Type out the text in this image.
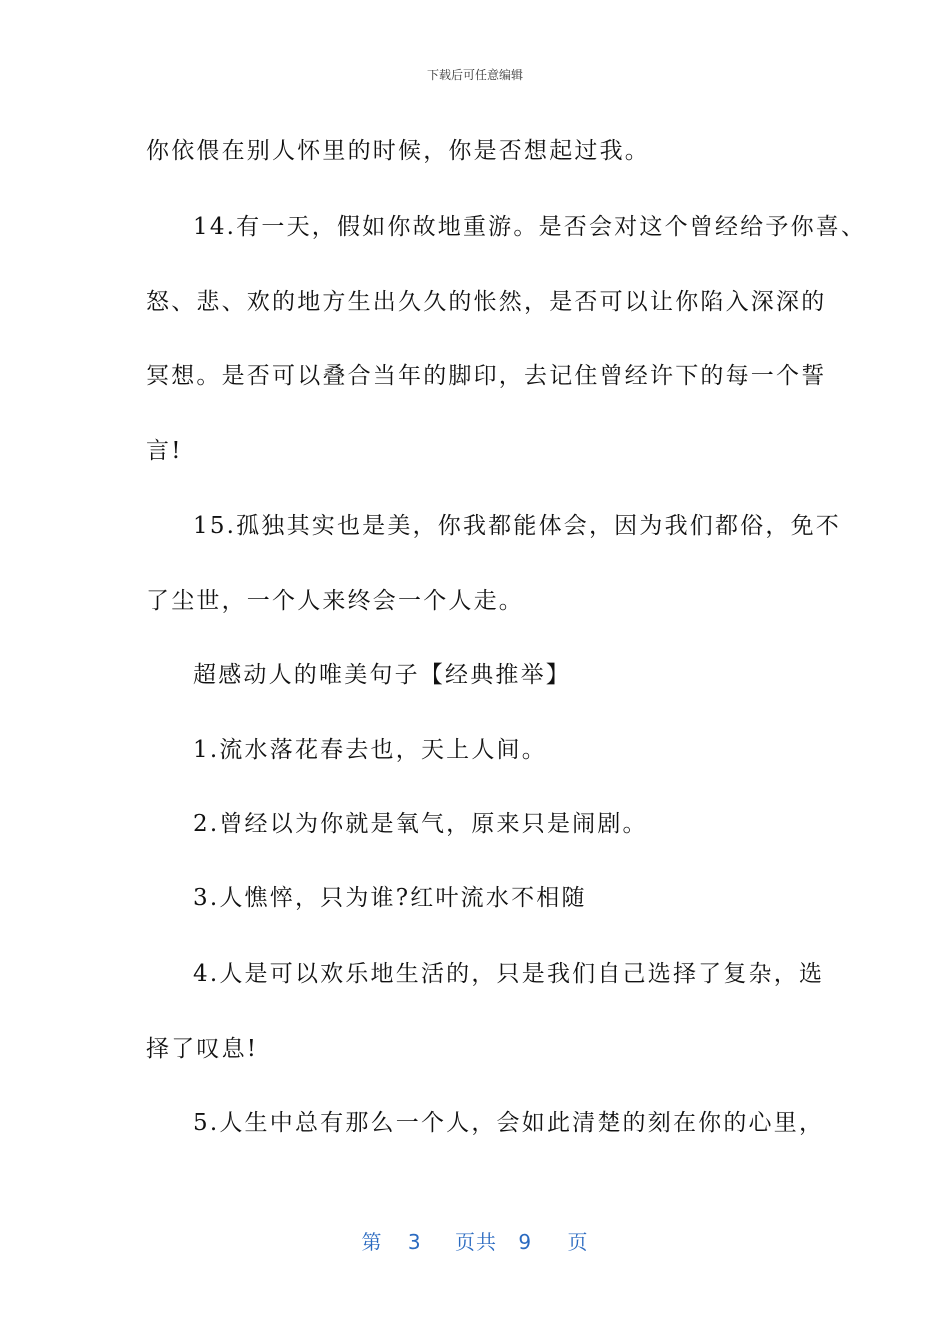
下载后可任意编辑
你依偎在别人怀里的时候，你是否想起过我。
14.有一天，假如你故地重游。是否会对这个曾经给予你喜、
怒、悲、欢的地方生出久久的怅然，是否可以让你陷入深深的
冥想。是否可以叠合当年的脚印，去记住曾经许下的每一个誓
言!
15.孤独其实也是美，你我都能体会，因为我们都俗，免不
了尘世，一个人来终会一个人走。
超感动人的唯美句子【经典推举】
1.流水落花春去也，天上人间。
2.曾经以为你就是氧气，原来只是闹剧。
3.人憔悴，只为谁?红叶流水不相随
4.人是可以欢乐地生活的，只是我们自己选择了复杂，选
择了叹息!
5.人生中总有那么一个人，会如此清楚的刻在你的心里，
第 3 页共 9 页
